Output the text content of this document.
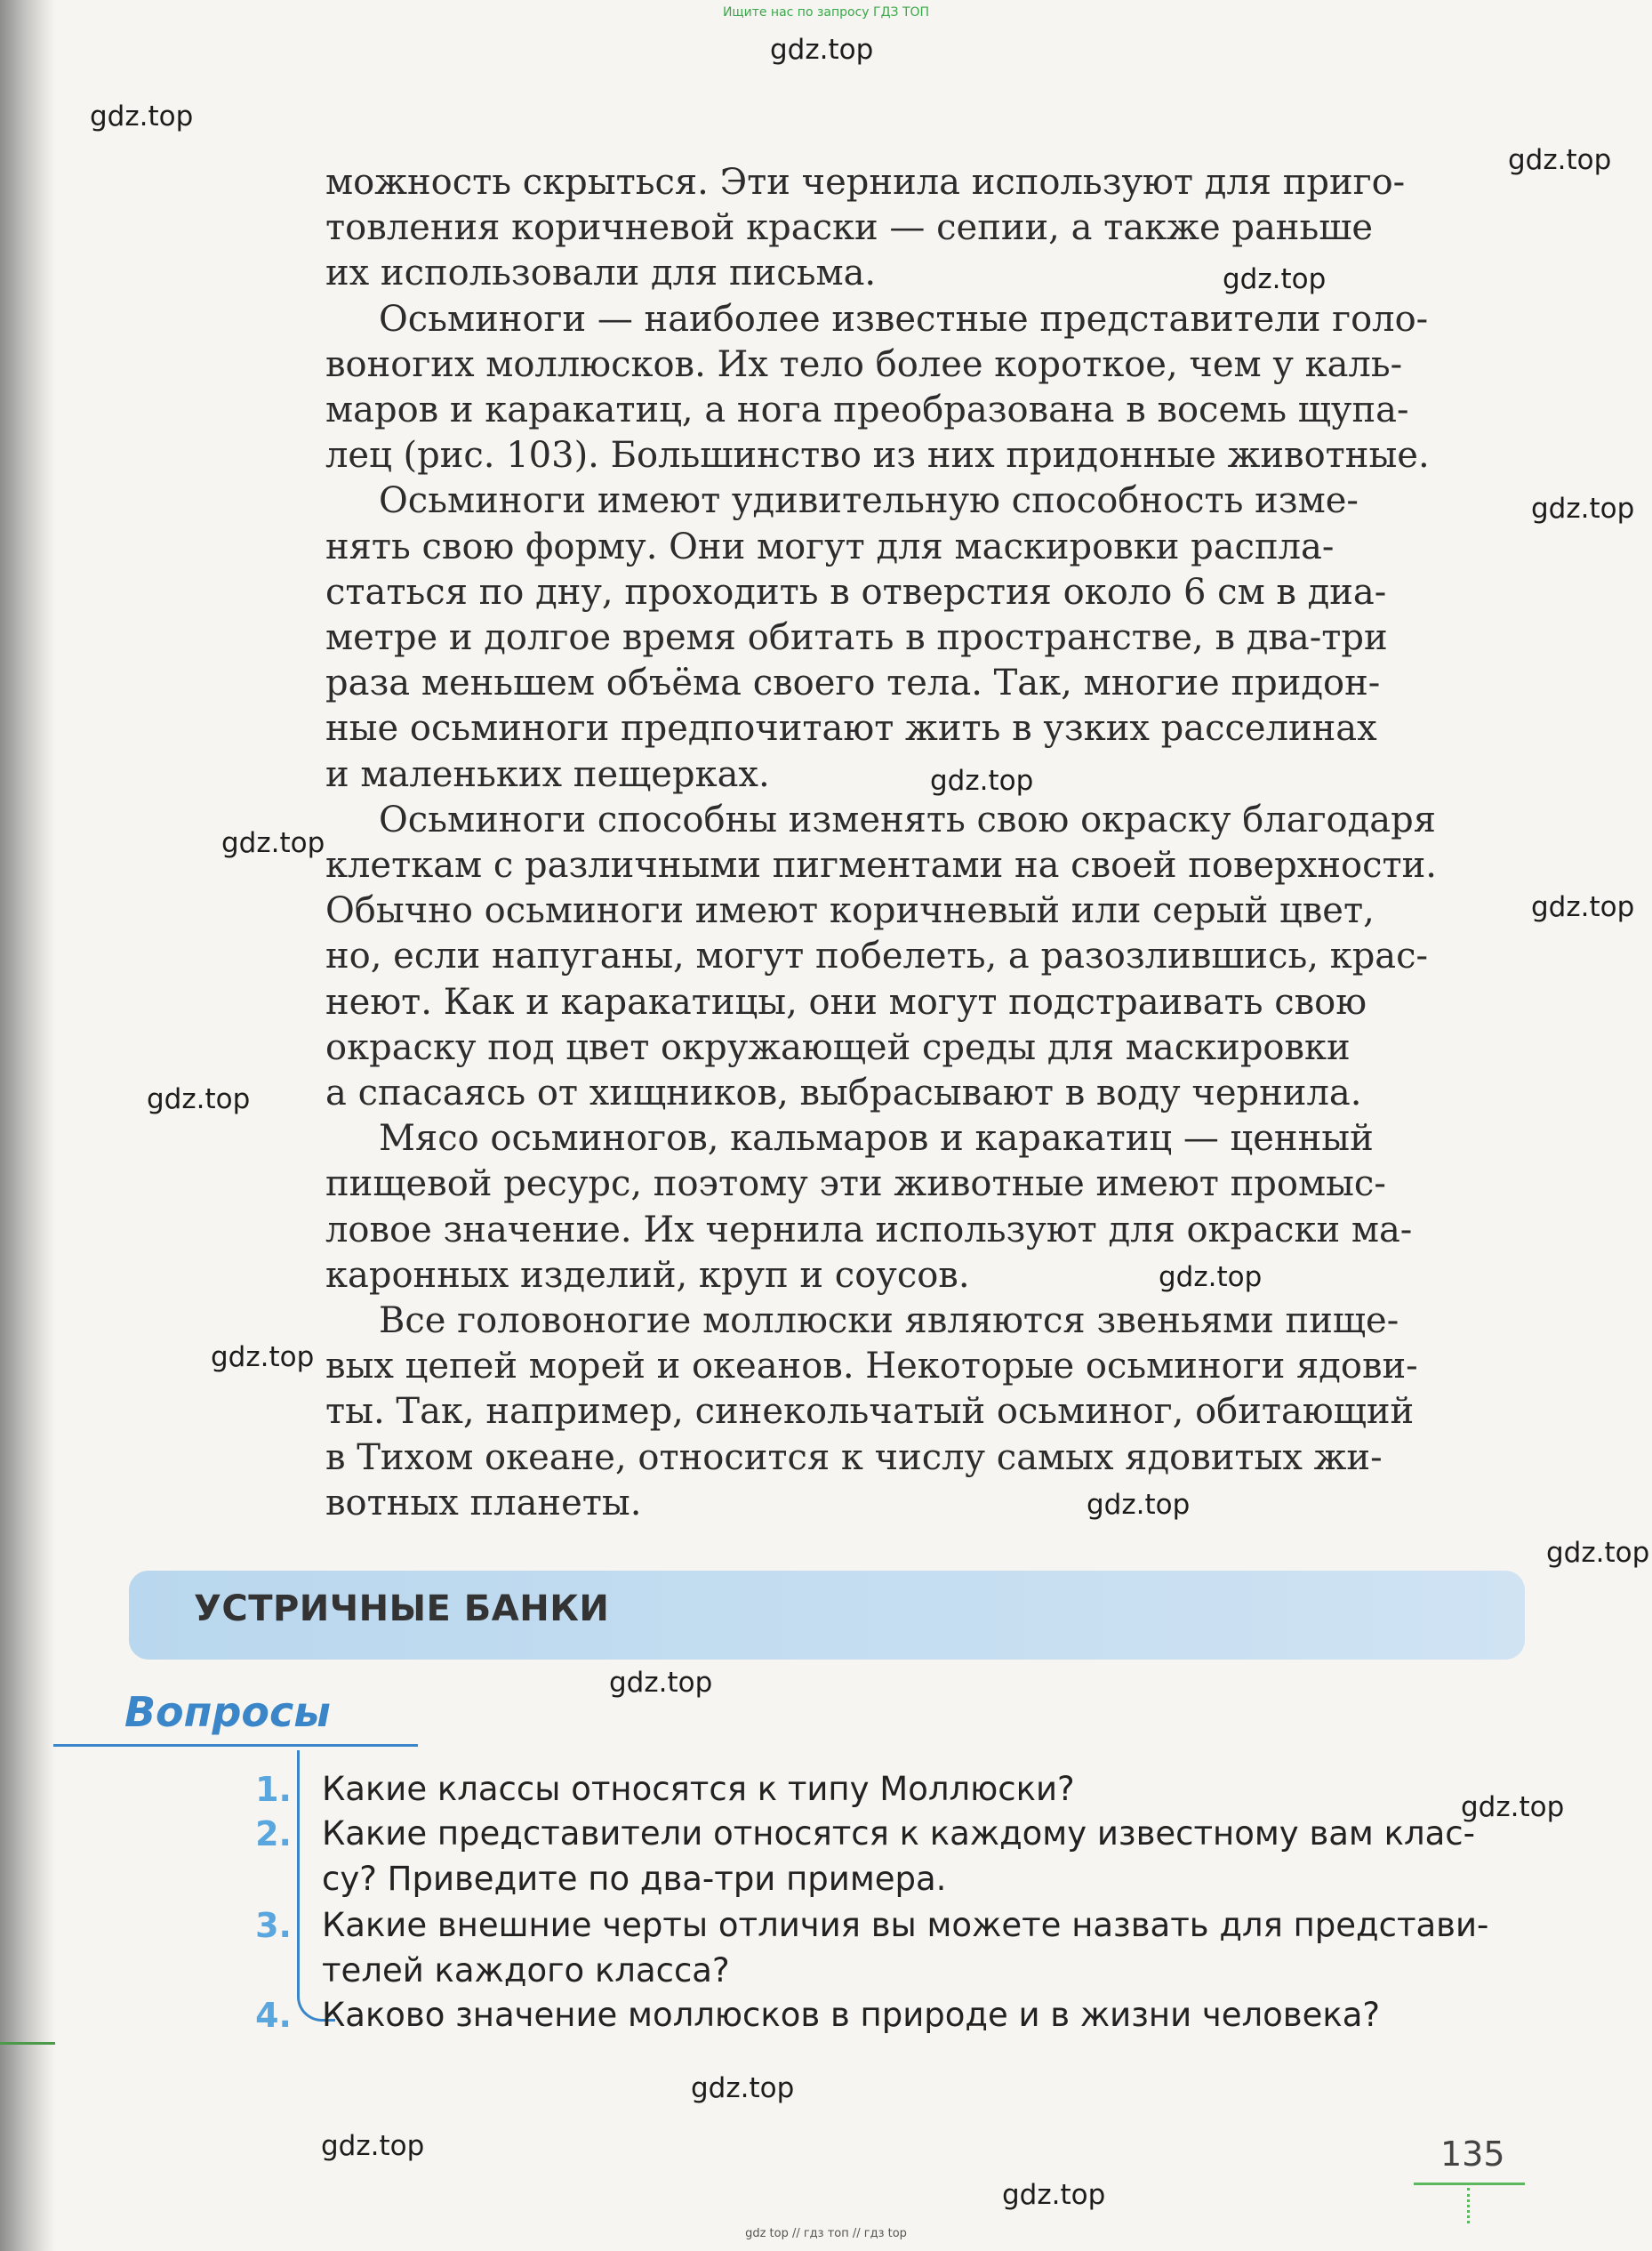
Ищите нас по запросу ГДЗ ТОП
gdz.top
gdz.top
gdz.top
gdz.top
gdz.top
gdz.top
gdz.top
gdz.top
gdz.top
gdz.top
gdz.top
gdz.top
gdz.top
gdz.top
gdz.top
gdz.top
gdz.top
gdz.top
можность скрыться. Эти чернила используют для приго-
товления коричневой краски — сепии, а также раньше
их использовали для письма.
Осьминоги — наиболее известные представители голо-
воногих моллюсков. Их тело более короткое, чем у каль-
маров и каракатиц, а нога преобразована в восемь щупа-
лец (рис. 103). Большинство из них придонные животные.
Осьминоги имеют удивительную способность изме-
нять свою форму. Они могут для маскировки распла-
статься по дну, проходить в отверстия около 6 см в диа-
метре и долгое время обитать в пространстве, в два-три
раза меньшем объёма своего тела. Так, многие придон-
ные осьминоги предпочитают жить в узких расселинах
и маленьких пещерках.
Осьминоги способны изменять свою окраску благодаря
клеткам с различными пигментами на своей поверхности.
Обычно осьминоги имеют коричневый или серый цвет,
но, если напуганы, могут побелеть, а разозлившись, крас-
неют. Как и каракатицы, они могут подстраивать свою
окраску под цвет окружающей среды для маскировки
а спасаясь от хищников, выбрасывают в воду чернила.
Мясо осьминогов, кальмаров и каракатиц — ценный
пищевой ресурс, поэтому эти животные имеют промыс-
ловое значение. Их чернила используют для окраски ма-
каронных изделий, круп и соусов.
Все головоногие моллюски являются звеньями пище-
вых цепей морей и океанов. Некоторые осьминоги ядови-
ты. Так, например, синекольчатый осьминог, обитающий
в Тихом океане, относится к числу самых ядовитых жи-
вотных планеты.
УСТРИЧНЫЕ БАНКИ
Вопросы
1. Какие классы относятся к типу Моллюски?
2. Какие представители относятся к каждому известному вам клас-
су? Приведите по два-три примера.
3. Какие внешние черты отличия вы можете назвать для представи-
телей каждого класса?
4. Каково значение моллюсков в природе и в жизни человека?
135
gdz top // гдз топ // гдз top
